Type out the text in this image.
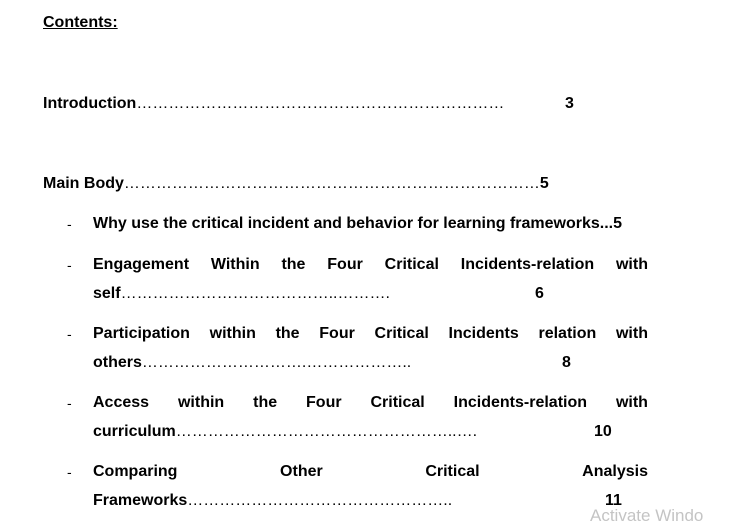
Contents:
Introduction……………………………………………………………	3
Main Body……………………………………………………………………5
- Why use the critical incident and behavior for learning frameworks...5
- Engagement Within the Four Critical Incidents-relation with
self…………………………………..……….	6
- Participation within the Four Critical Incidents relation with
others………………………….………………..	8
- Access within the Four Critical Incidents-relation with
curriculum……………………………………………..….	10
- Comparing	Other	Critical	Analysis
Frameworks…………………………………………..	11
Activate Windo
